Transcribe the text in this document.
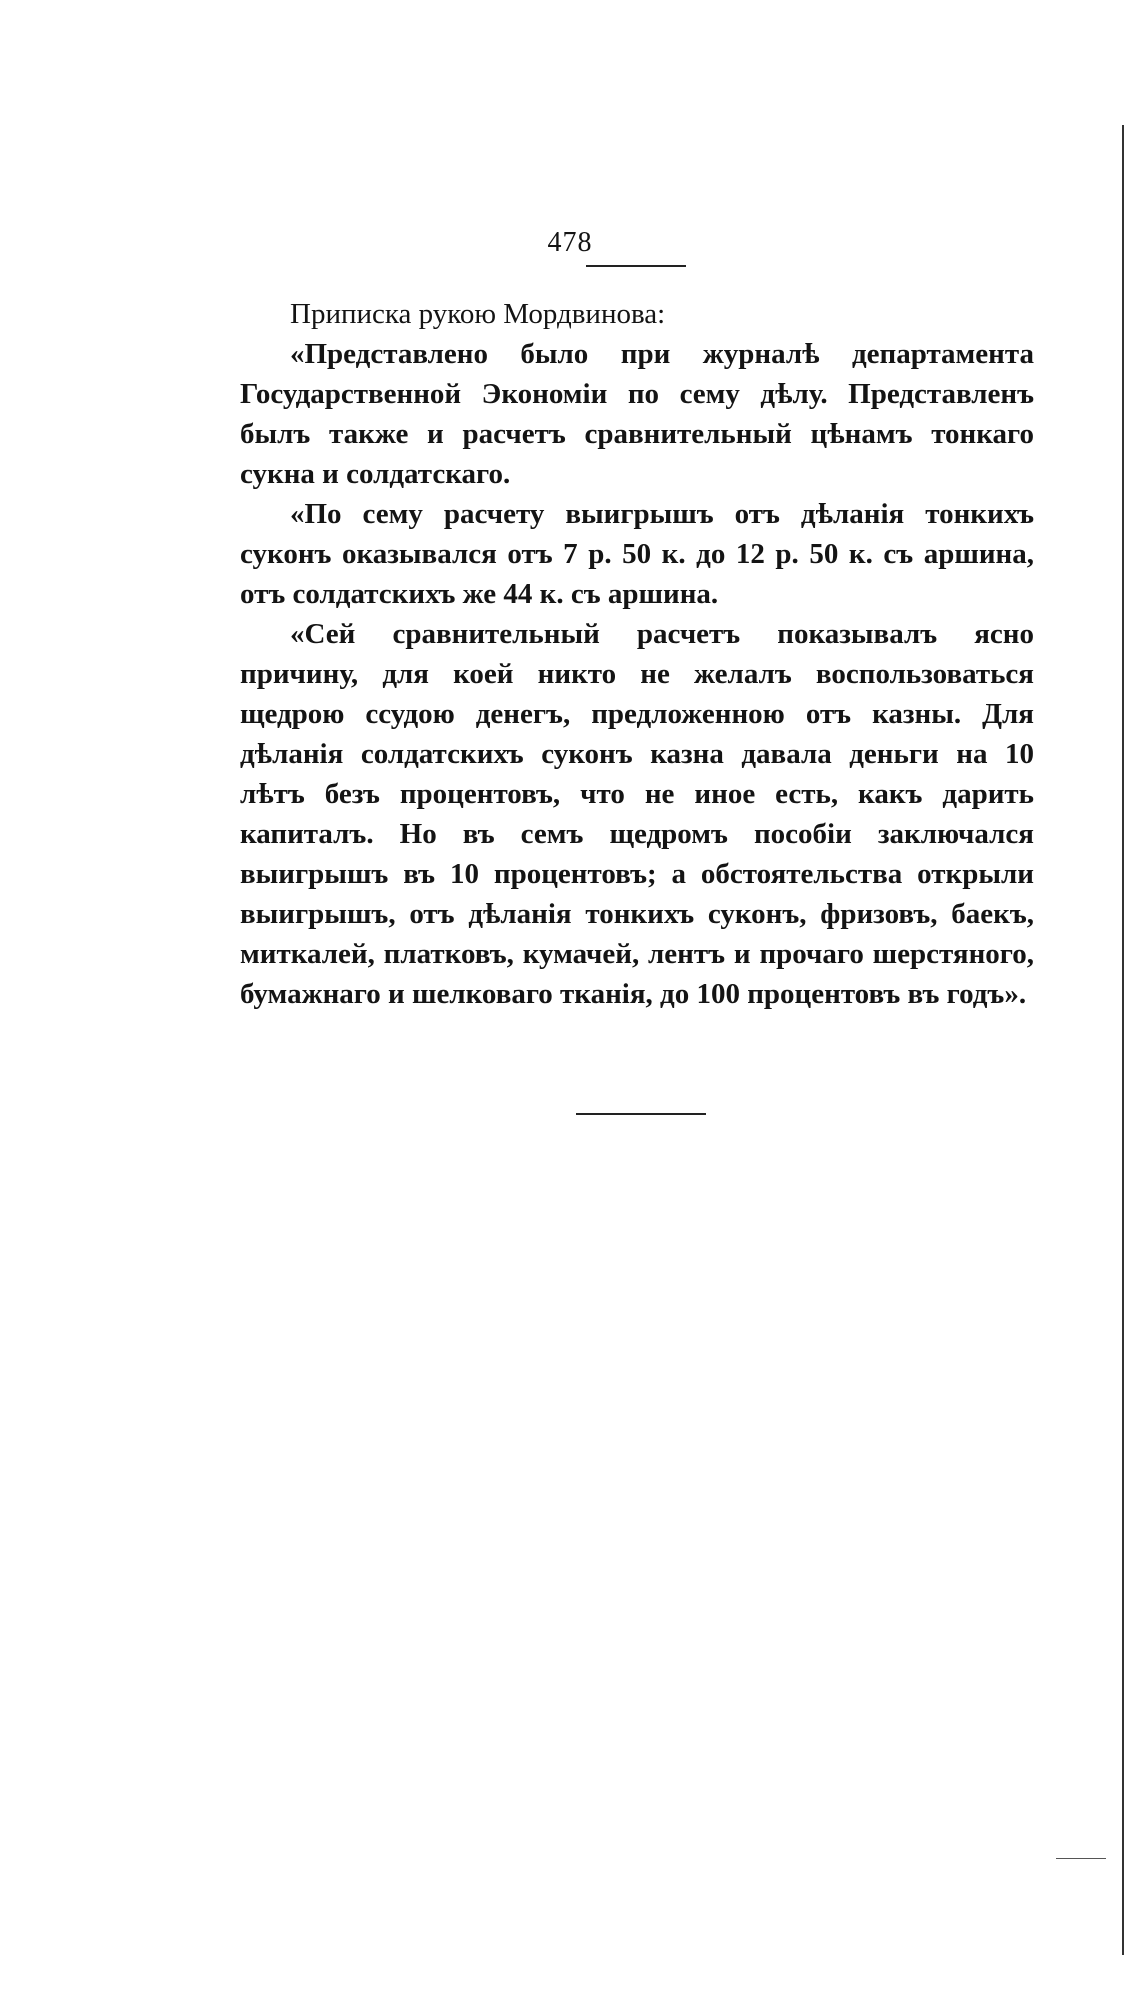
478

Приписка рукою Мордвинова:

«Представлено было при журналѣ департамента Государственной Экономіи по сему дѣлу. Представленъ былъ также и расчетъ сравнительный цѣнамъ тонкаго сукна и солдатскаго.

«По сему расчету выигрышъ отъ дѣланія тонкихъ суконъ оказывался отъ 7 р. 50 к. до 12 р. 50 к. съ аршина, отъ солдатскихъ же 44 к. съ аршина.

«Сей сравнительный расчетъ показывалъ ясно причину, для коей никто не желалъ воспользоваться щедрою ссудою денегъ, предложенною отъ казны. Для дѣланія солдатскихъ суконъ казна давала деньги на 10 лѣтъ безъ процентовъ, что не иное есть, какъ дарить капиталъ. Но въ семъ щедромъ пособіи заключался выигрышъ въ 10 процентовъ; а обстоятельства открыли выигрышъ, отъ дѣланія тонкихъ суконъ, фризовъ, баекъ, миткалей, платковъ, кумачей, лентъ и прочаго шерстяного, бумажнаго и шелковаго тканія, до 100 процентовъ въ годъ».
